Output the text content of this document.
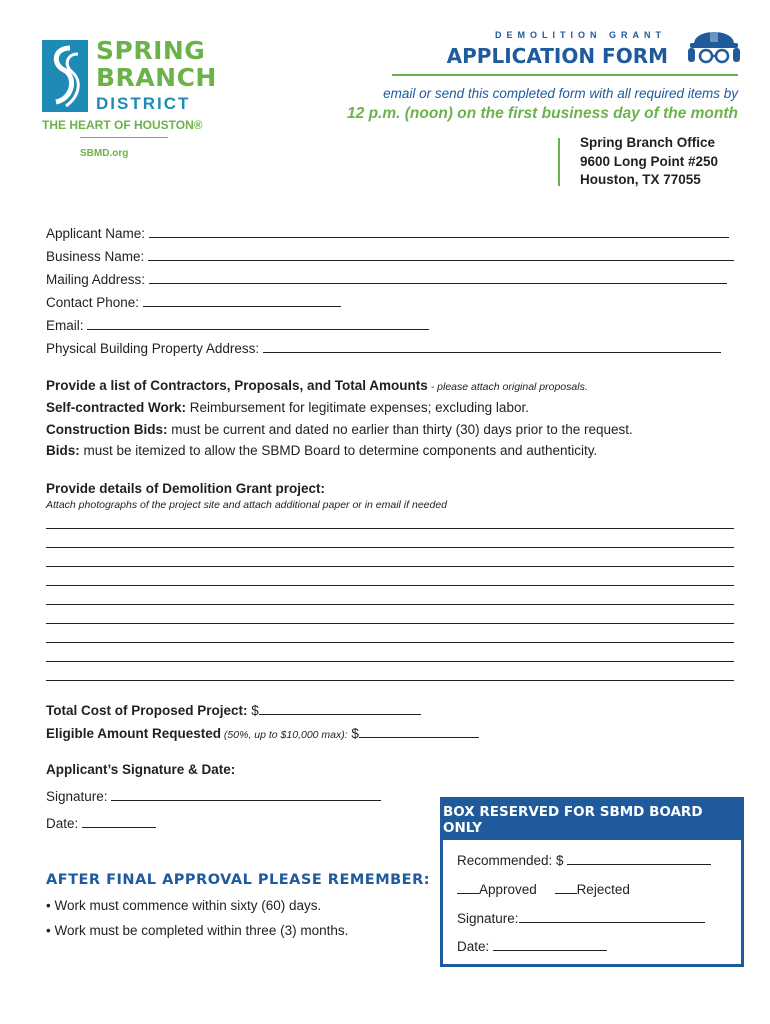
SPRING
BRANCH
DISTRICT
THE HEART OF HOUSTON®
SBMD.org
DEMOLITION GRANT
APPLICATION FORM
email or send this completed form with all required items by
12 p.m. (noon) on the first business day of the month
Spring Branch Office
9600 Long Point #250
Houston, TX 77055
Applicant Name:
Business Name:
Mailing Address:
Contact Phone:
Email:
Physical Building Property Address:
Provide a list of Contractors, Proposals, and Total Amounts - please attach original proposals.
Self-contracted Work: Reimbursement for legitimate expenses; excluding labor.
Construction Bids: must be current and dated no earlier than thirty (30) days prior to the request.
Bids: must be itemized to allow the SBMD Board to determine components and authenticity.
Provide details of Demolition Grant project:
Attach photographs of the project site and attach additional paper or in email if needed
Total Cost of Proposed Project: $
Eligible Amount Requested (50%, up to $10,000 max): $
Applicant’s Signature & Date:
Signature:
Date:
AFTER FINAL APPROVAL PLEASE REMEMBER:
• Work must commence within sixty (60) days.
• Work must be completed within three (3) months.
BOX RESERVED FOR SBMD BOARD ONLY
Recommended: $
Approved	Rejected
Signature:
Date:
